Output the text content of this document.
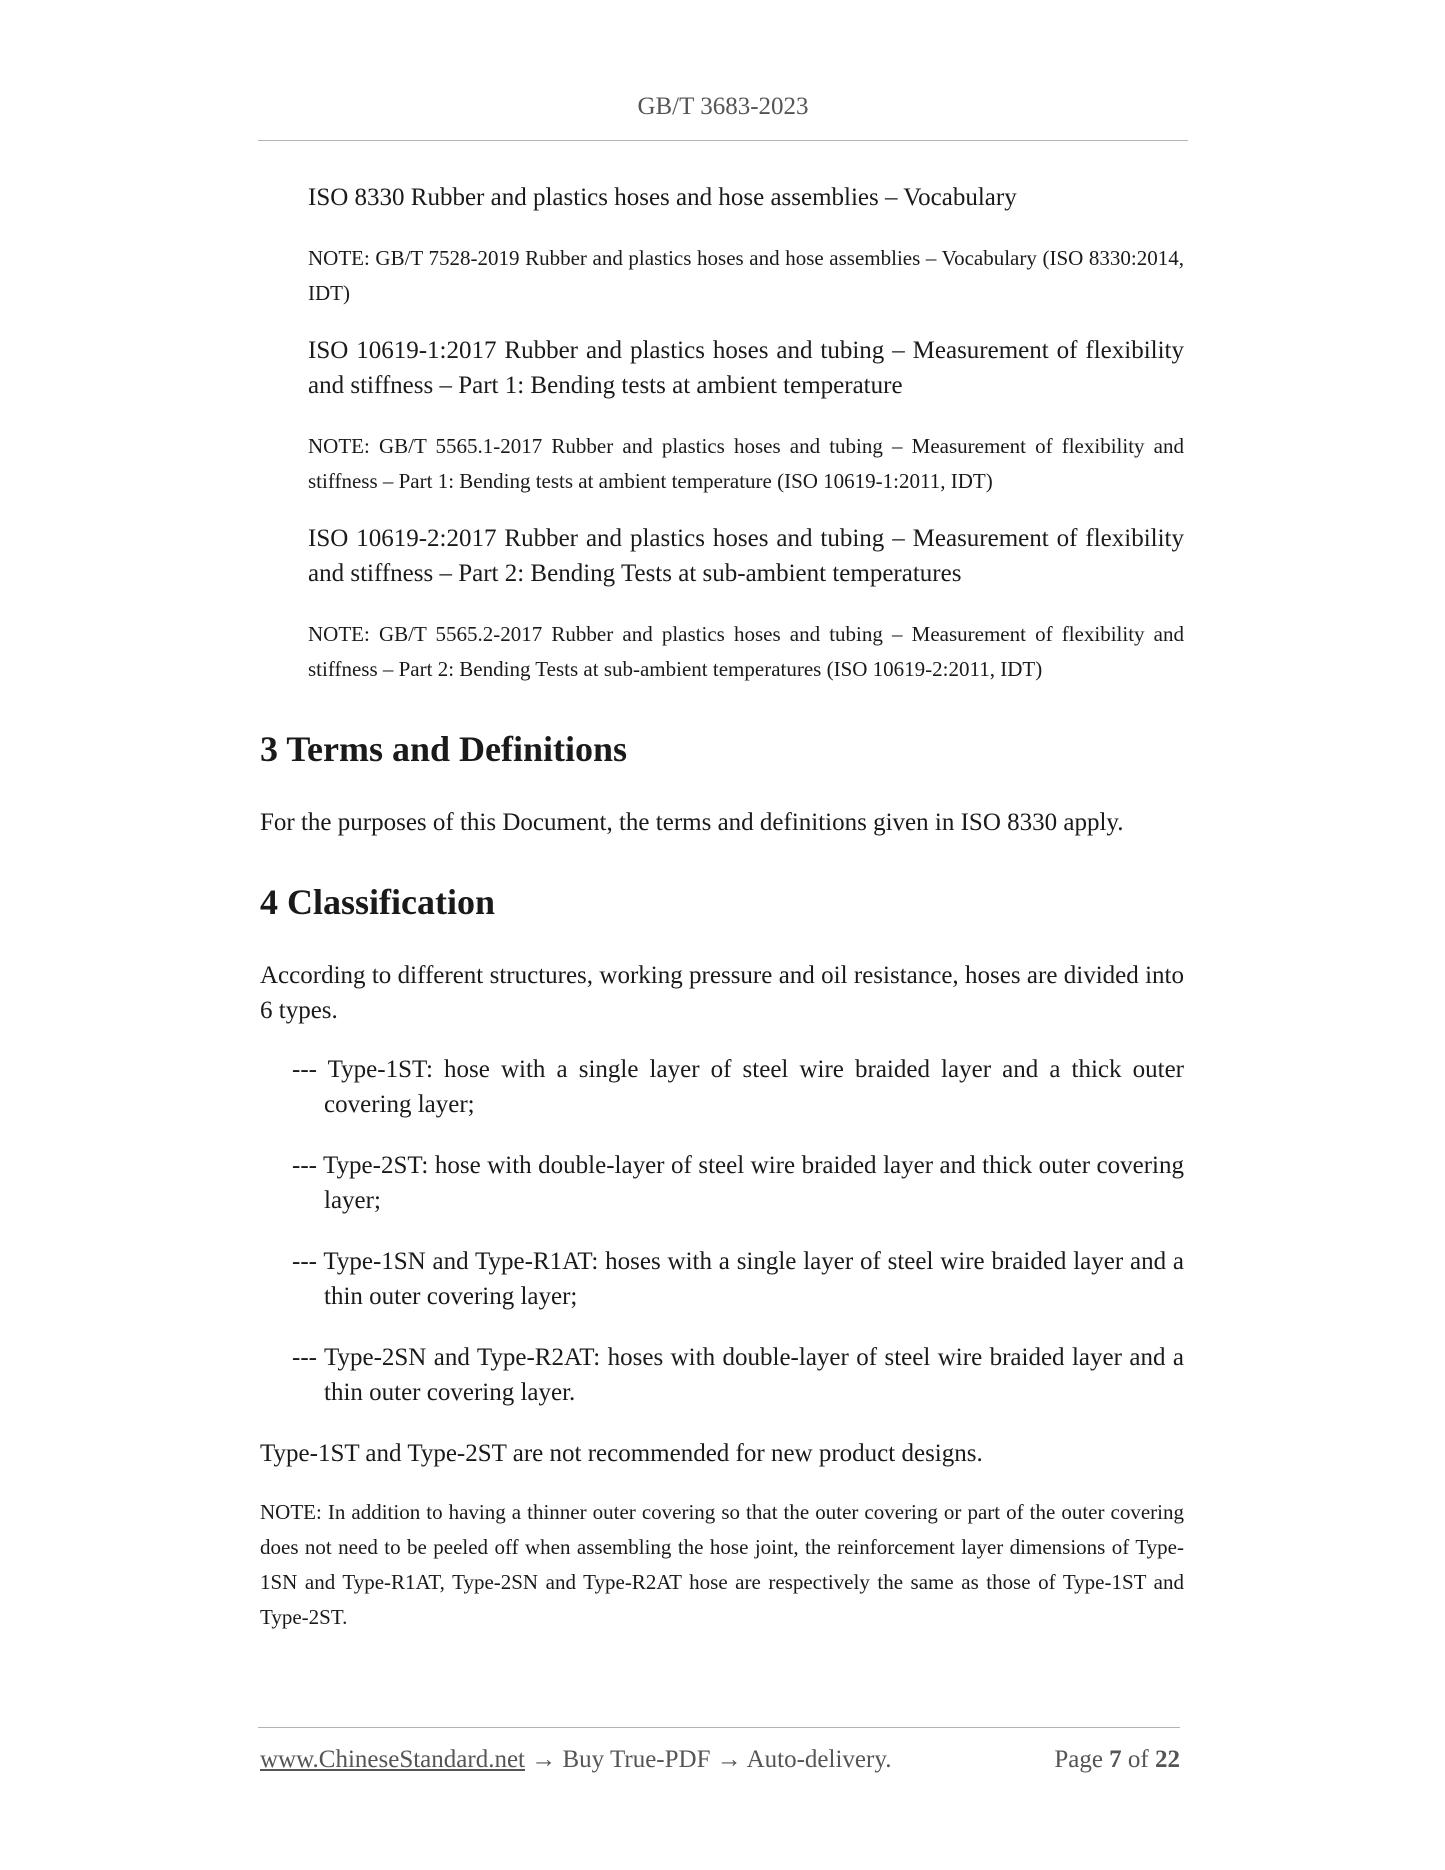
GB/T 3683-2023
ISO 8330 Rubber and plastics hoses and hose assemblies – Vocabulary
NOTE: GB/T 7528-2019 Rubber and plastics hoses and hose assemblies – Vocabulary (ISO 8330:2014, IDT)
ISO 10619-1:2017 Rubber and plastics hoses and tubing – Measurement of flexibility and stiffness – Part 1: Bending tests at ambient temperature
NOTE: GB/T 5565.1-2017 Rubber and plastics hoses and tubing – Measurement of flexibility and stiffness – Part 1: Bending tests at ambient temperature (ISO 10619-1:2011, IDT)
ISO 10619-2:2017 Rubber and plastics hoses and tubing – Measurement of flexibility and stiffness – Part 2: Bending Tests at sub-ambient temperatures
NOTE: GB/T 5565.2-2017 Rubber and plastics hoses and tubing – Measurement of flexibility and stiffness – Part 2: Bending Tests at sub-ambient temperatures (ISO 10619-2:2011, IDT)
3 Terms and Definitions
For the purposes of this Document, the terms and definitions given in ISO 8330 apply.
4 Classification
According to different structures, working pressure and oil resistance, hoses are divided into 6 types.
--- Type-1ST: hose with a single layer of steel wire braided layer and a thick outer covering layer;
--- Type-2ST: hose with double-layer of steel wire braided layer and thick outer covering layer;
--- Type-1SN and Type-R1AT: hoses with a single layer of steel wire braided layer and a thin outer covering layer;
--- Type-2SN and Type-R2AT: hoses with double-layer of steel wire braided layer and a thin outer covering layer.
Type-1ST and Type-2ST are not recommended for new product designs.
NOTE: In addition to having a thinner outer covering so that the outer covering or part of the outer covering does not need to be peeled off when assembling the hose joint, the reinforcement layer dimensions of Type-1SN and Type-R1AT, Type-2SN and Type-R2AT hose are respectively the same as those of Type-1ST and Type-2ST.
www.ChineseStandard.net → Buy True-PDF → Auto-delivery.	Page 7 of 22
